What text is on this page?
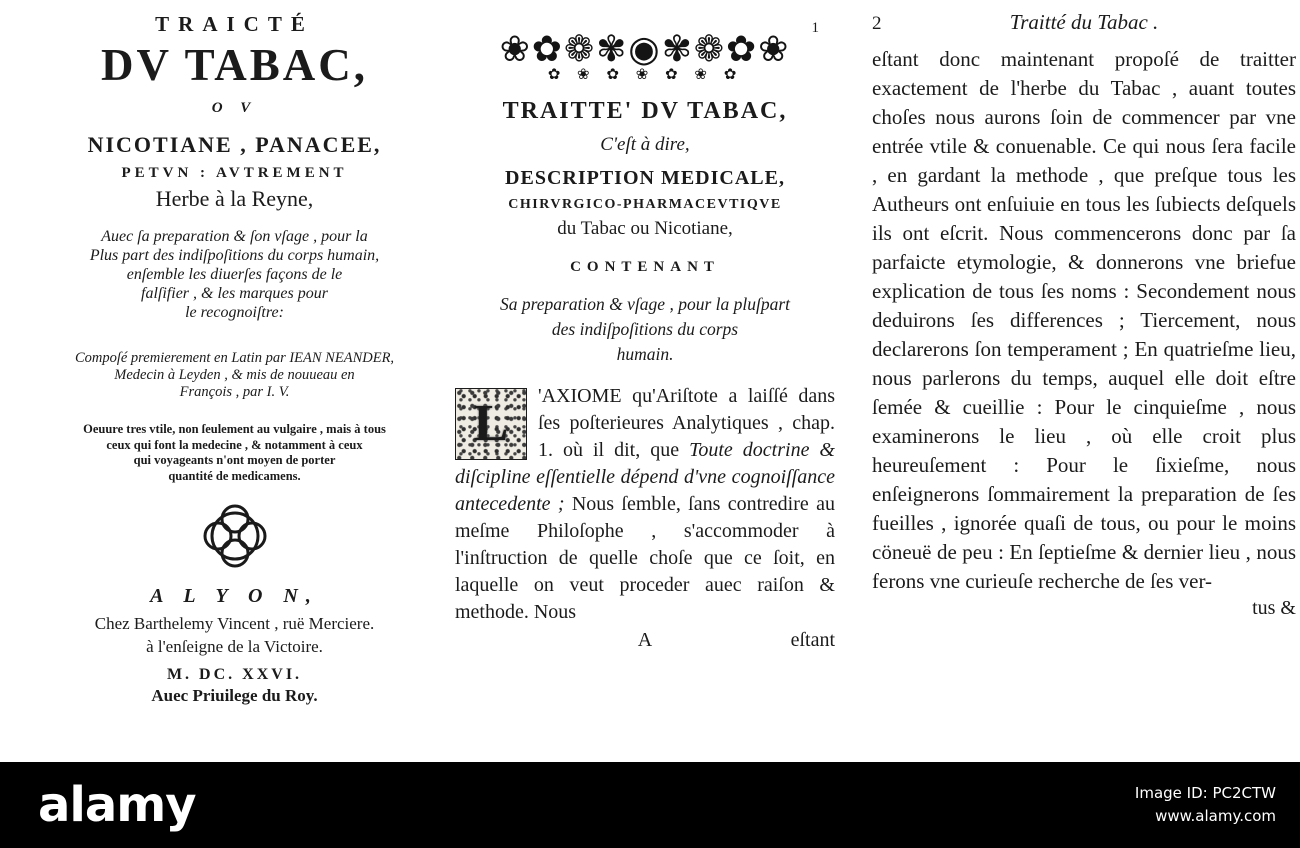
TRAICTÉ
DV TABAC,
O V
NICOTIANE , PANACEE,
PETVN : AVTREMENT
Herbe à la Reyne,
Auec ſa preparation & ſon vſage , pour la
Plus part des indiſpoſitions du corps humain,
enſemble les diuerſes façons de le
falſifier , & les marques pour
le recognoiſtre:
Compoſé premierement en Latin par IEAN NEANDER,
Medecin à Leyden , & mis de nouueau en
François , par I. V.
Oeuure tres vtile, non ſeulement au vulgaire , mais à tous
ceux qui font la medecine , & notamment à ceux
qui voyageants n'ont moyen de porter
quantité de medicamens.
A L Y O N,
Chez Barthelemy Vincent , ruë Merciere.
à l'enſeigne de la Victoire.
M. DC. XXVI.
Auec Priuilege du Roy.
1
❀✿❁✾◉✾❁✿❀
✿ ❀ ✿ ❀ ✿ ❀ ✿
TRAITTE' DV TABAC,
C'eſt à dire,
DESCRIPTION MEDICALE,
CHIRVRGICO-PHARMACEVTIQVE
du Tabac ou Nicotiane,
CONTENANT
Sa preparation & vſage , pour la pluſpart
des indiſpoſitions du corps
humain.
L 'AXIOME qu'Ariſtote a laiſſé dans ſes poſterieures Analytiques , chap. 1. où il dit, que Toute doctrine & diſcipline eſſentielle dépend d'vne cognoiſſance antecedente ; Nous ſemble, ſans contredire au meſme Philoſophe , s'accommoder à l'inſtruction de quelle choſe que ce ſoit, en laquelle on veut proceder auec raiſon & methode. Nous
A	eſtant
2	Traitté du Tabac .

eſtant donc maintenant propoſé de traitter exactement de l'herbe du Tabac , auant toutes choſes nous aurons ſoin de commencer par vne entrée vtile & conuenable. Ce qui nous ſera facile , en gardant la methode , que preſque tous les Autheurs ont enſuiuie en tous les ſubiects deſquels ils ont eſcrit. Nous commencerons donc par ſa parfaicte etymologie, & donnerons vne briefue explication de tous ſes noms : Secondement nous deduirons ſes differences ; Tiercement, nous declarerons ſon temperament ; En quatrieſme lieu, nous parlerons du temps, auquel elle doit eſtre ſemée & cueillie : Pour le cinquieſme , nous examinerons le lieu , où elle croit plus heureuſement : Pour le ſixieſme, nous enſeignerons ſommairement la preparation de ſes fueilles , ignorée quaſi de tous, ou pour le moins cöneuë de peu : En ſeptieſme & dernier lieu , nous ferons vne curieuſe recherche de ſes ver-

tus &
alamy	Image ID: PC2CTW
www.alamy.com
